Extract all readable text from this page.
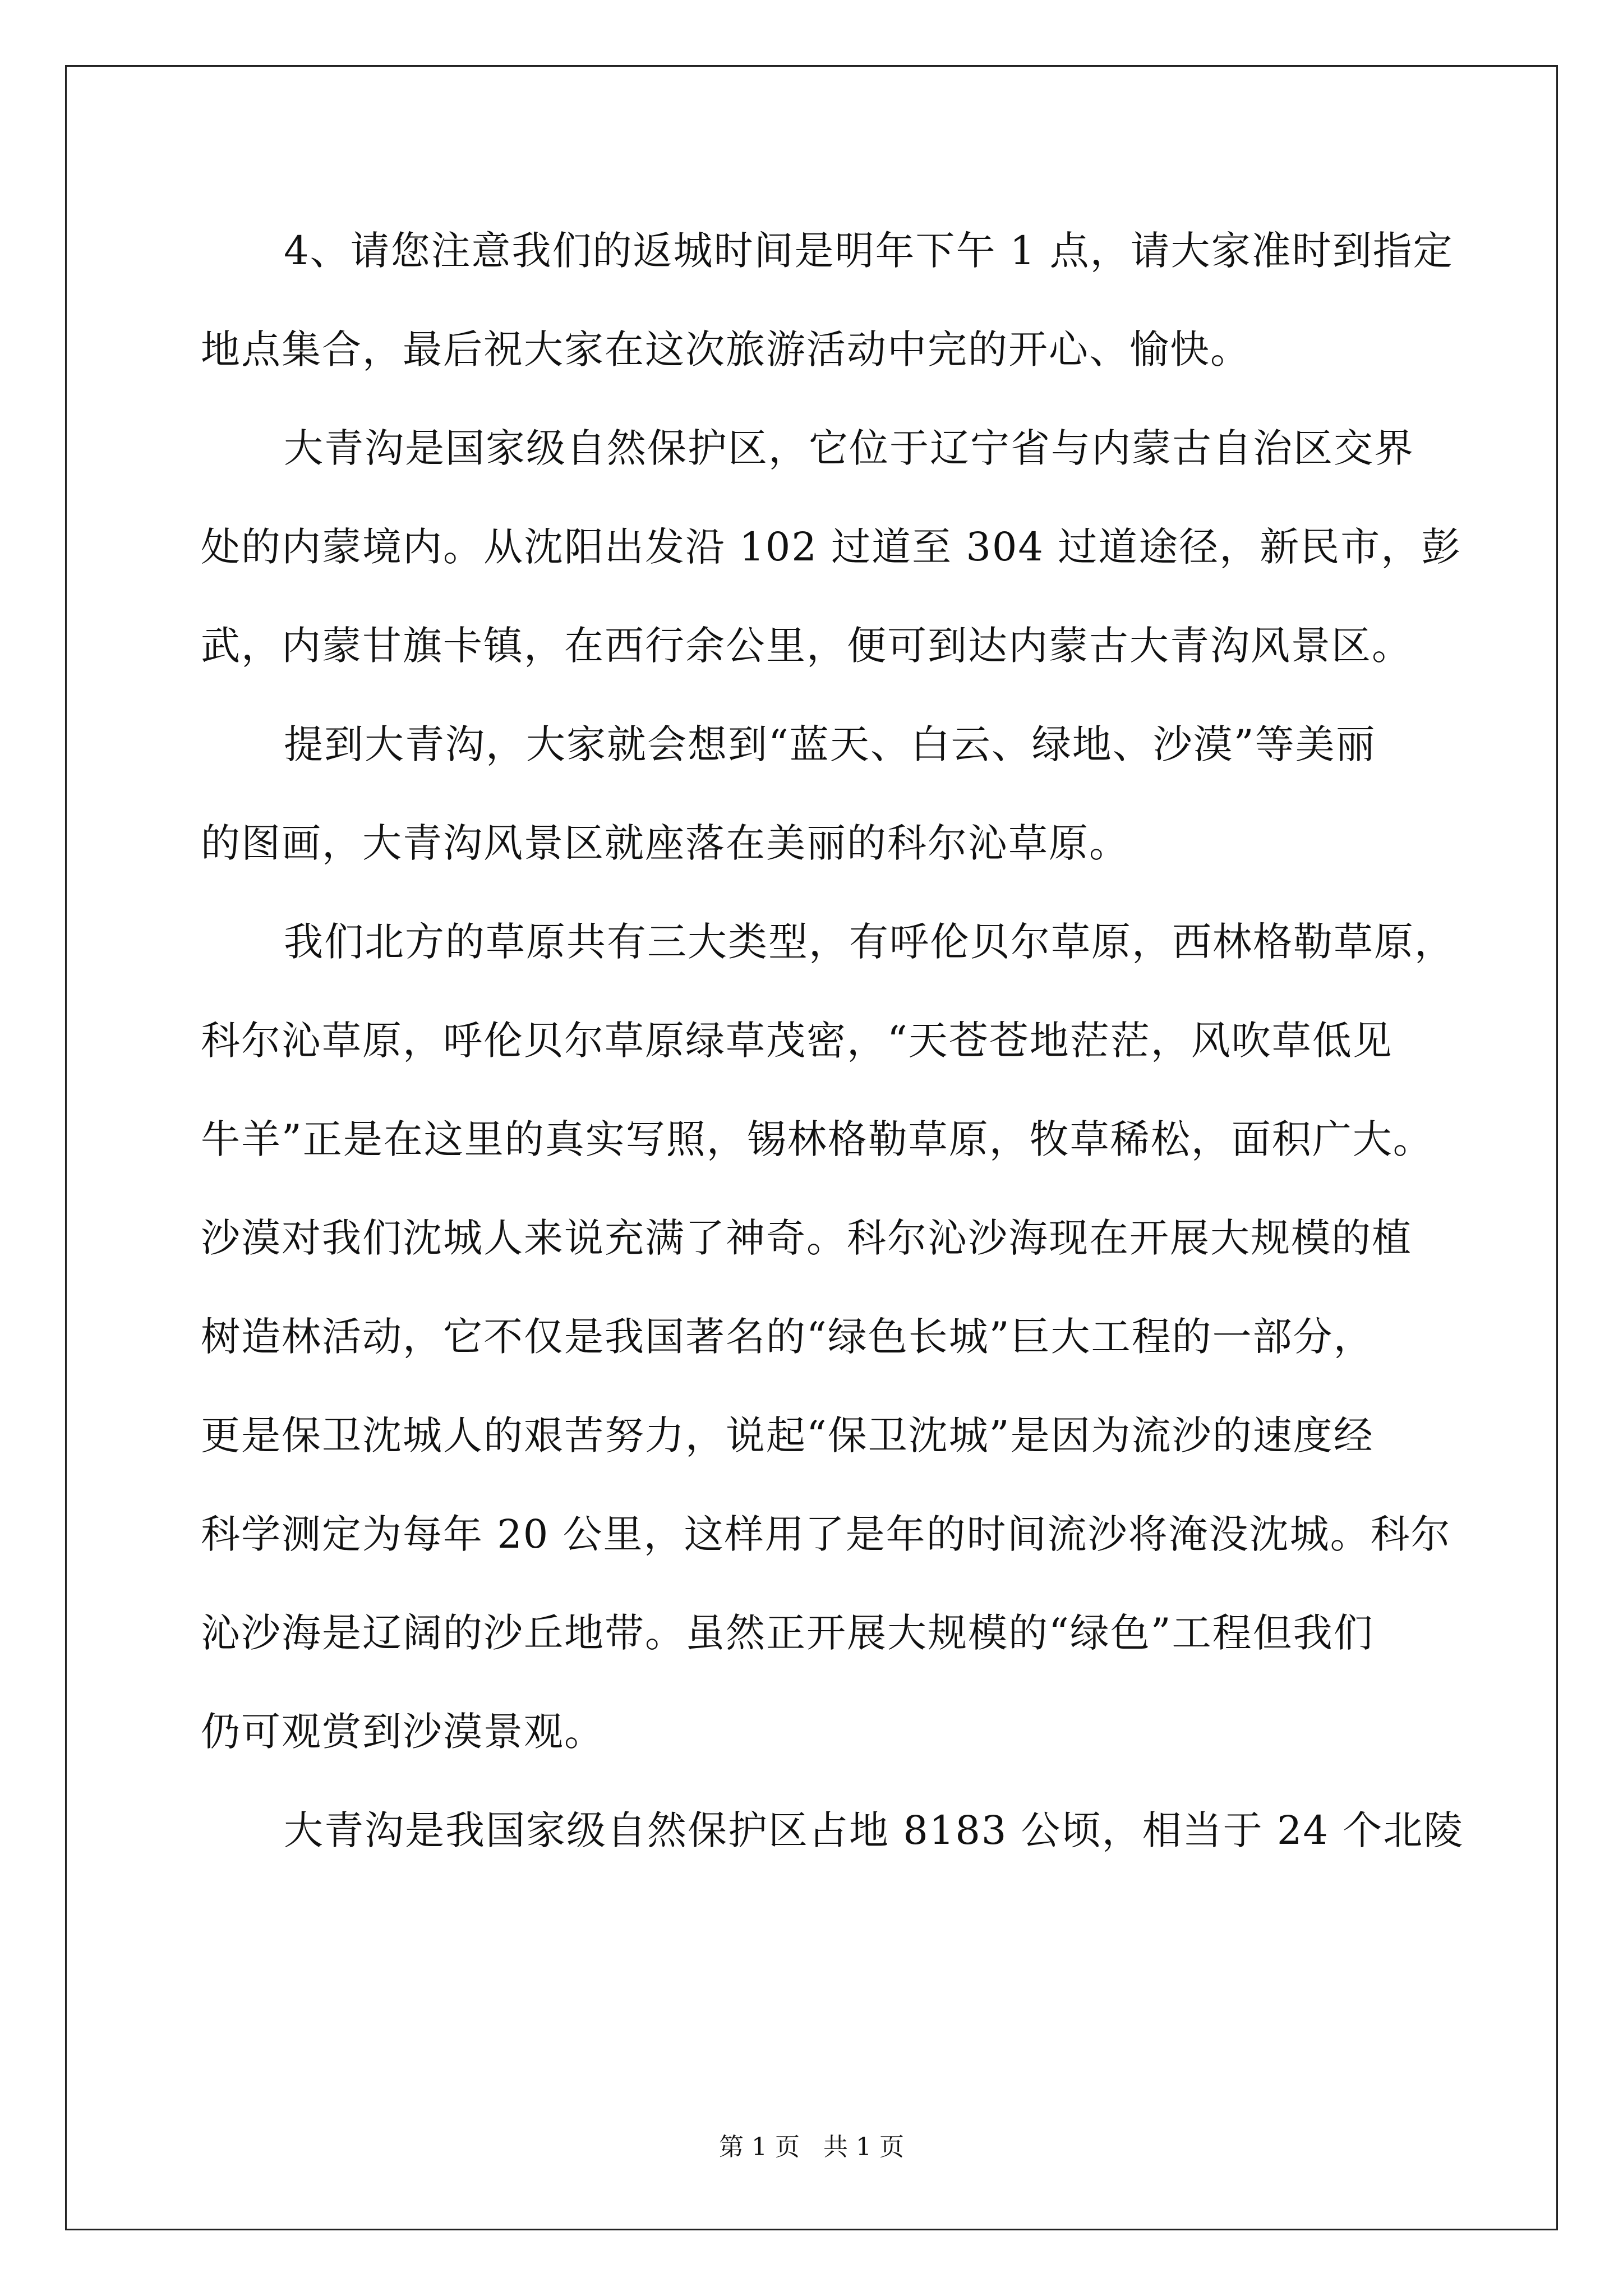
4、请您注意我们的返城时间是明年下午 1 点，请大家准时到指定
地点集合，最后祝大家在这次旅游活动中完的开心、愉快。
大青沟是国家级自然保护区，它位于辽宁省与内蒙古自治区交界
处的内蒙境内。从沈阳出发沿 102 过道至 304 过道途径，新民市，彭
武，内蒙甘旗卡镇，在西行余公里，便可到达内蒙古大青沟风景区。
提到大青沟，大家就会想到“蓝天、白云、绿地、沙漠”等美丽
的图画，大青沟风景区就座落在美丽的科尔沁草原。
我们北方的草原共有三大类型，有呼伦贝尔草原，西林格勒草原，
科尔沁草原，呼伦贝尔草原绿草茂密，“天苍苍地茫茫，风吹草低见
牛羊”正是在这里的真实写照，锡林格勒草原，牧草稀松，面积广大。
沙漠对我们沈城人来说充满了神奇。科尔沁沙海现在开展大规模的植
树造林活动，它不仅是我国著名的“绿色长城”巨大工程的一部分，
更是保卫沈城人的艰苦努力，说起“保卫沈城”是因为流沙的速度经
科学测定为每年 20 公里，这样用了是年的时间流沙将淹没沈城。科尔
沁沙海是辽阔的沙丘地带。虽然正开展大规模的“绿色”工程但我们
仍可观赏到沙漠景观。
大青沟是我国家级自然保护区占地 8183 公顷，相当于 24 个北陵
第 1 页   共 1 页
